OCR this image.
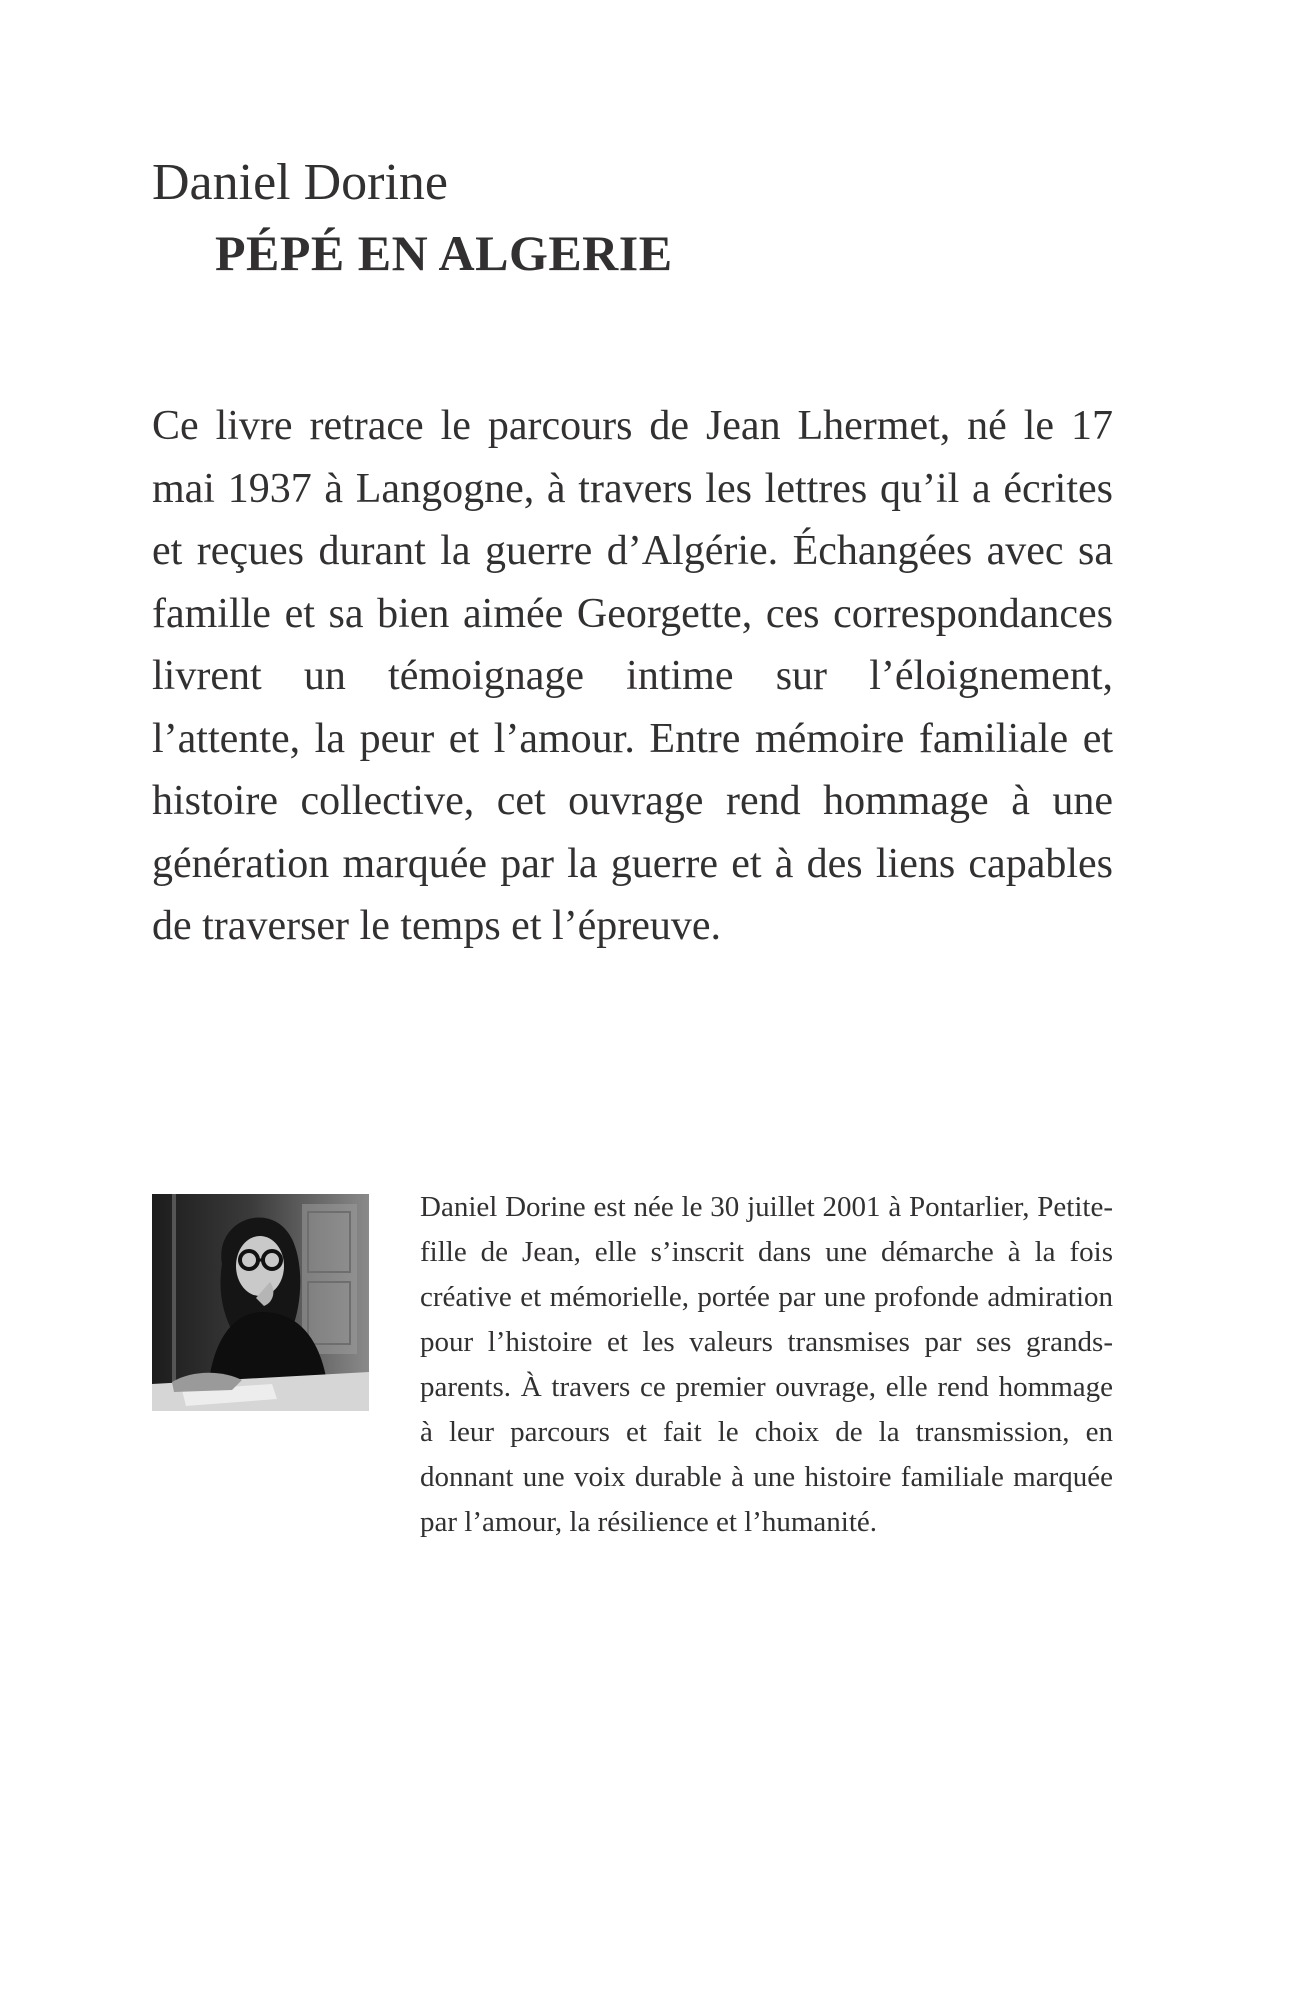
Daniel Dorine
PÉPÉ EN ALGERIE

Ce livre retrace le parcours de Jean Lhermet, né le 17 mai 1937 à Langogne, à travers les lettres qu’il a écrites et reçues durant la guerre d’Algérie. Échangées avec sa famille et sa bien aimée Georgette, ces correspondances livrent un témoignage intime sur l’éloignement, l’attente, la peur et l’amour. Entre mémoire familiale et histoire collective, cet ouvrage rend hommage à une génération marquée par la guerre et à des liens capables de traverser le temps et l’épreuve.

Daniel Dorine est née le 30 juillet 2001 à Pontarlier, Petite-fille de Jean, elle s’inscrit dans une démarche à la fois créative et mémorielle, portée par une profonde admiration pour l’histoire et les valeurs transmises par ses grands-parents. À travers ce premier ouvrage, elle rend hommage à leur parcours et fait le choix de la transmission, en donnant une voix durable à une histoire familiale marquée par l’amour, la résilience et l’humanité.
